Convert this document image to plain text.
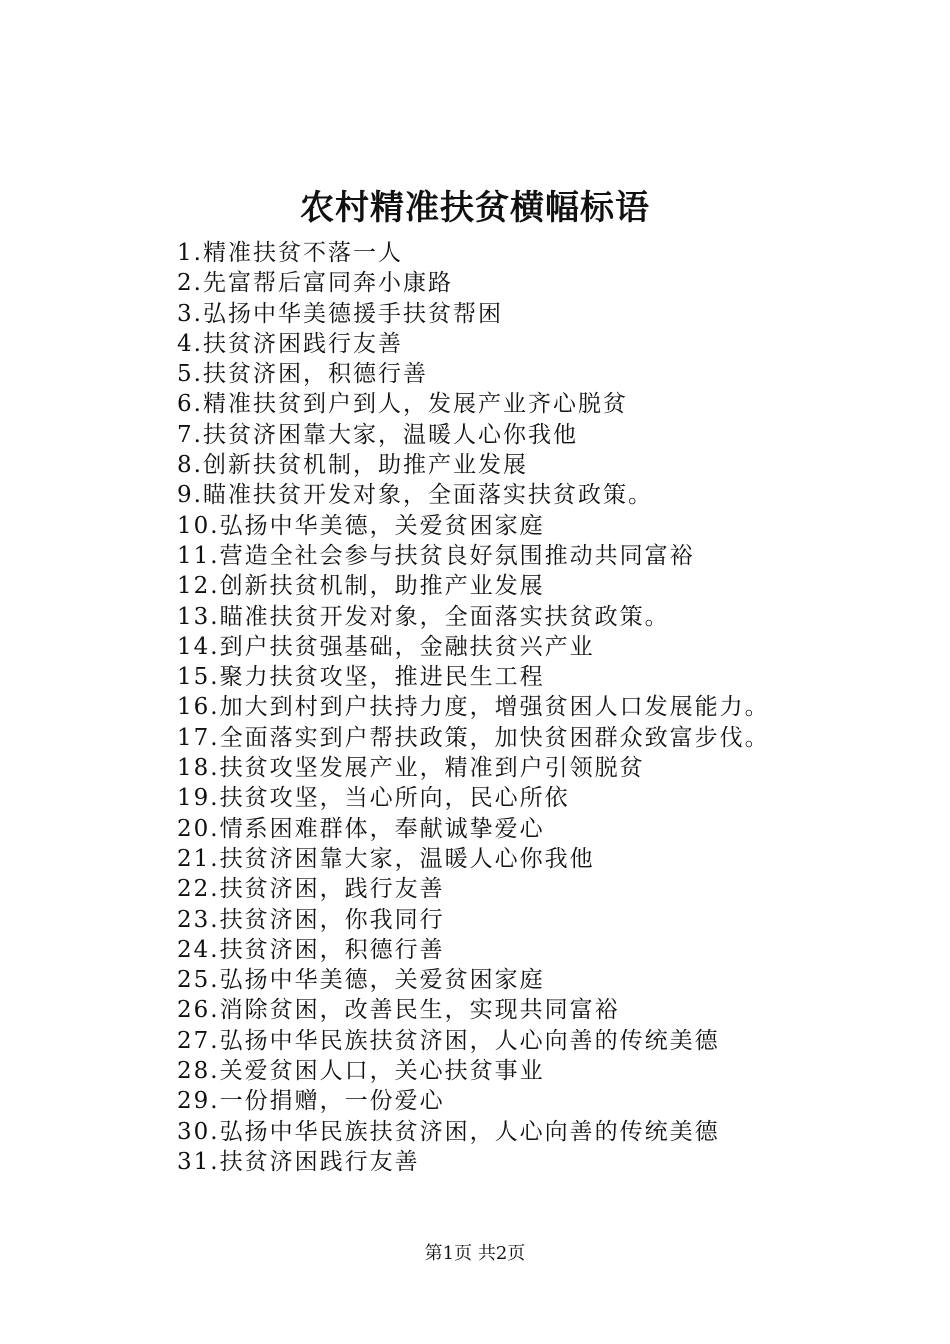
农村精准扶贫横幅标语
1.精准扶贫不落一人
2.先富帮后富同奔小康路
3.弘扬中华美德援手扶贫帮困
4.扶贫济困践行友善
5.扶贫济困，积德行善
6.精准扶贫到户到人，发展产业齐心脱贫
7.扶贫济困靠大家，温暖人心你我他
8.创新扶贫机制，助推产业发展
9.瞄准扶贫开发对象，全面落实扶贫政策。
10.弘扬中华美德，关爱贫困家庭
11.营造全社会参与扶贫良好氛围推动共同富裕
12.创新扶贫机制，助推产业发展
13.瞄准扶贫开发对象，全面落实扶贫政策。
14.到户扶贫强基础，金融扶贫兴产业
15.聚力扶贫攻坚，推进民生工程
16.加大到村到户扶持力度，增强贫困人口发展能力。
17.全面落实到户帮扶政策，加快贫困群众致富步伐。
18.扶贫攻坚发展产业，精准到户引领脱贫
19.扶贫攻坚，当心所向，民心所依
20.情系困难群体，奉献诚挚爱心
21.扶贫济困靠大家，温暖人心你我他
22.扶贫济困，践行友善
23.扶贫济困，你我同行
24.扶贫济困，积德行善
25.弘扬中华美德，关爱贫困家庭
26.消除贫困，改善民生，实现共同富裕
27.弘扬中华民族扶贫济困，人心向善的传统美德
28.关爱贫困人口，关心扶贫事业
29.一份捐赠，一份爱心
30.弘扬中华民族扶贫济困，人心向善的传统美德
31.扶贫济困践行友善
第1页 共2页
